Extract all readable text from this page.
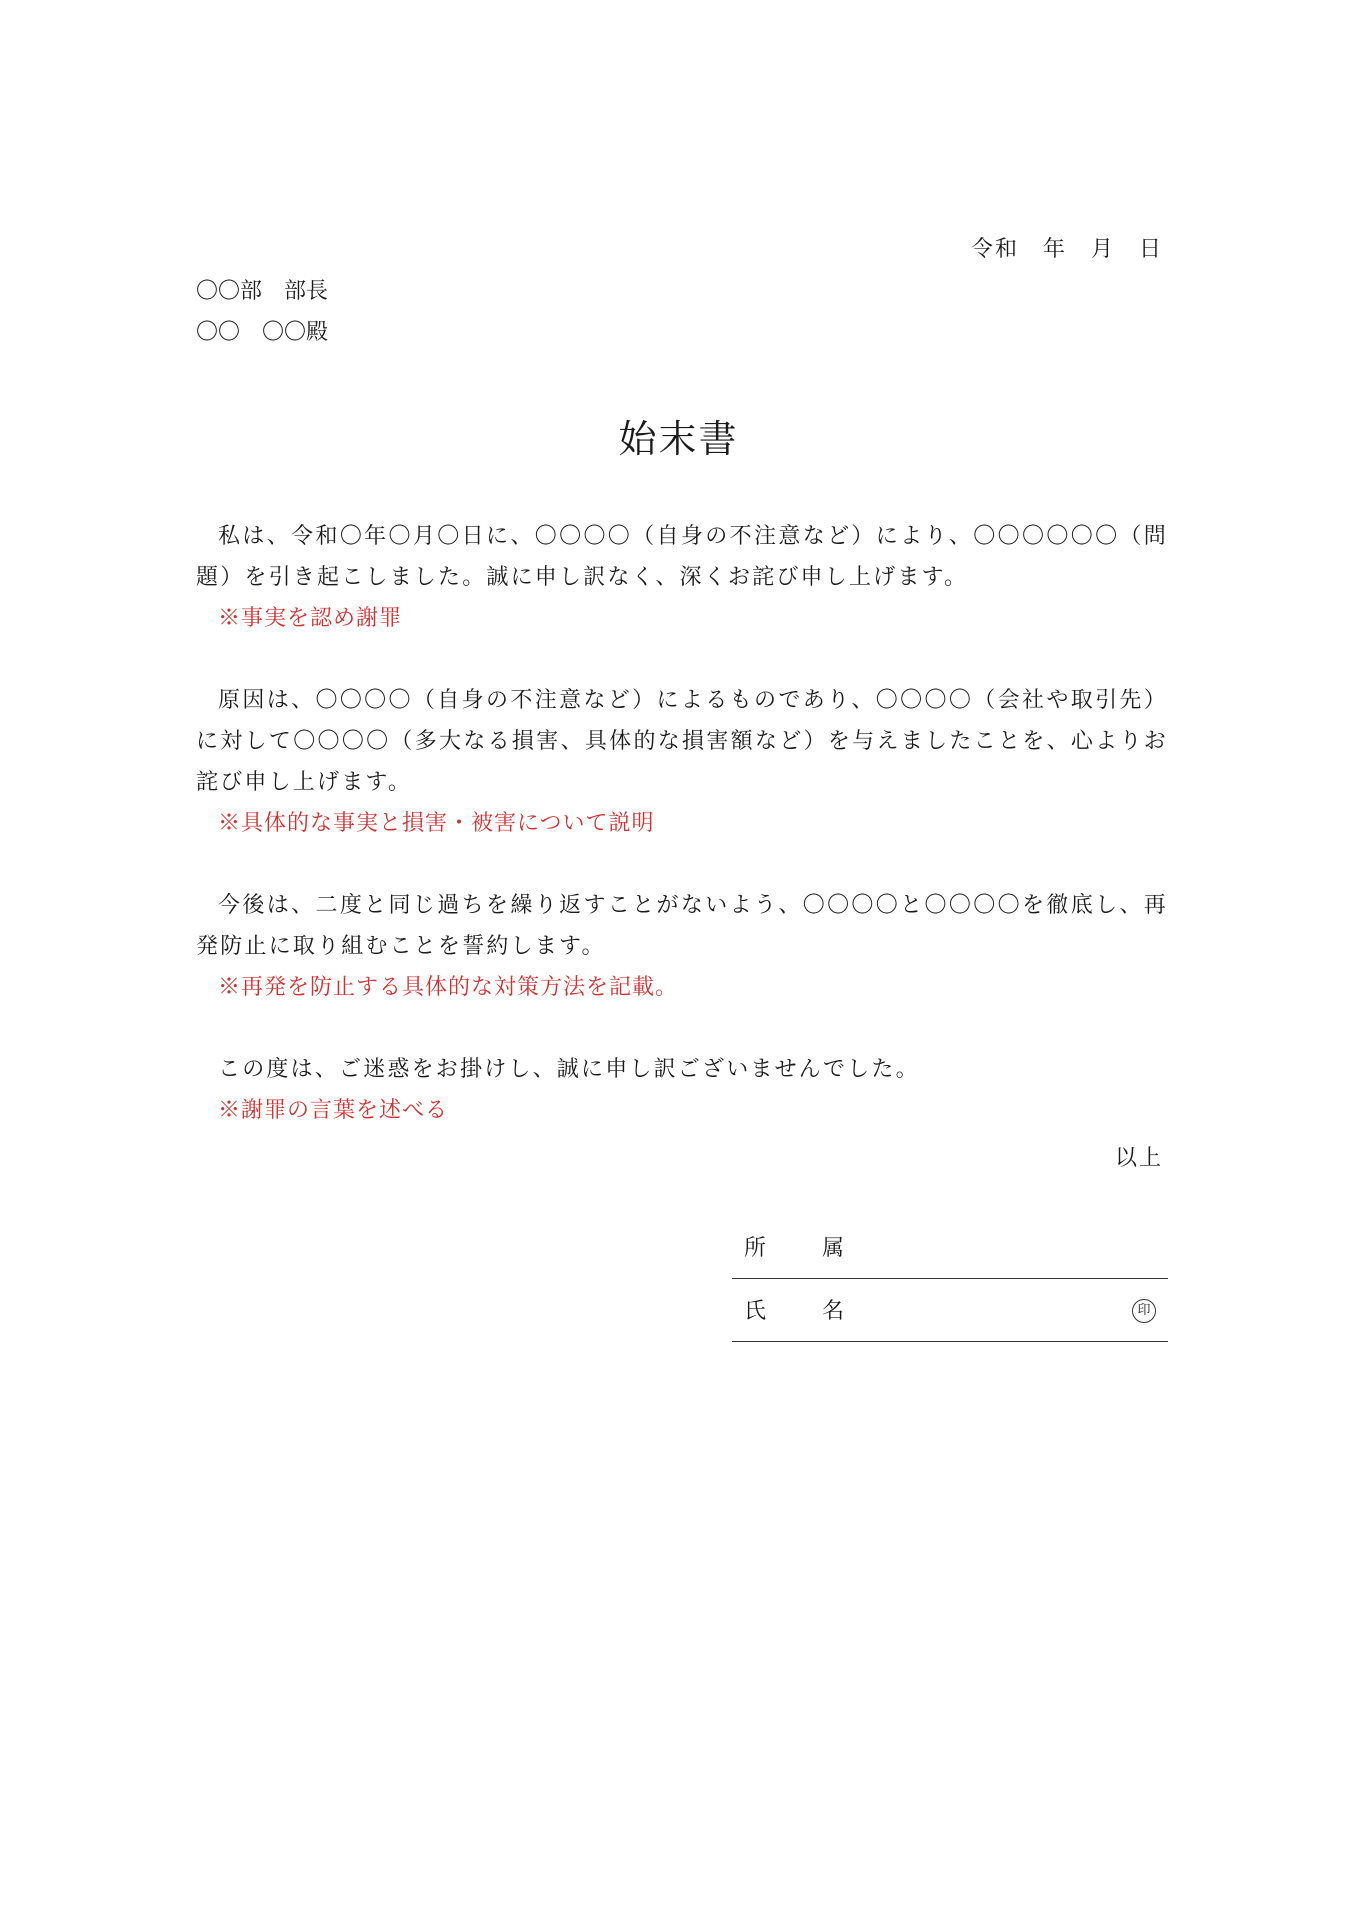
令和　年　月　日
〇〇部　部長
〇〇　〇〇殿
始末書
私は、令和〇年〇月〇日に、〇〇〇〇（自身の不注意など）により、〇〇〇〇〇〇（問題）を引き起こしました。誠に申し訳なく、深くお詫び申し上げます。
※事実を認め謝罪
原因は、〇〇〇〇（自身の不注意など）によるものであり、〇〇〇〇（会社や取引先）に対して〇〇〇〇（多大なる損害、具体的な損害額など）を与えましたことを、心よりお詫び申し上げます。
※具体的な事実と損害・被害について説明
今後は、二度と同じ過ちを繰り返すことがないよう、〇〇〇〇と〇〇〇〇を徹底し、再発防止に取り組むことを誓約します。
※再発を防止する具体的な対策方法を記載。
この度は、ご迷惑をお掛けし、誠に申し訳ございませんでした。
※謝罪の言葉を述べる
以上
所属
氏名	印
